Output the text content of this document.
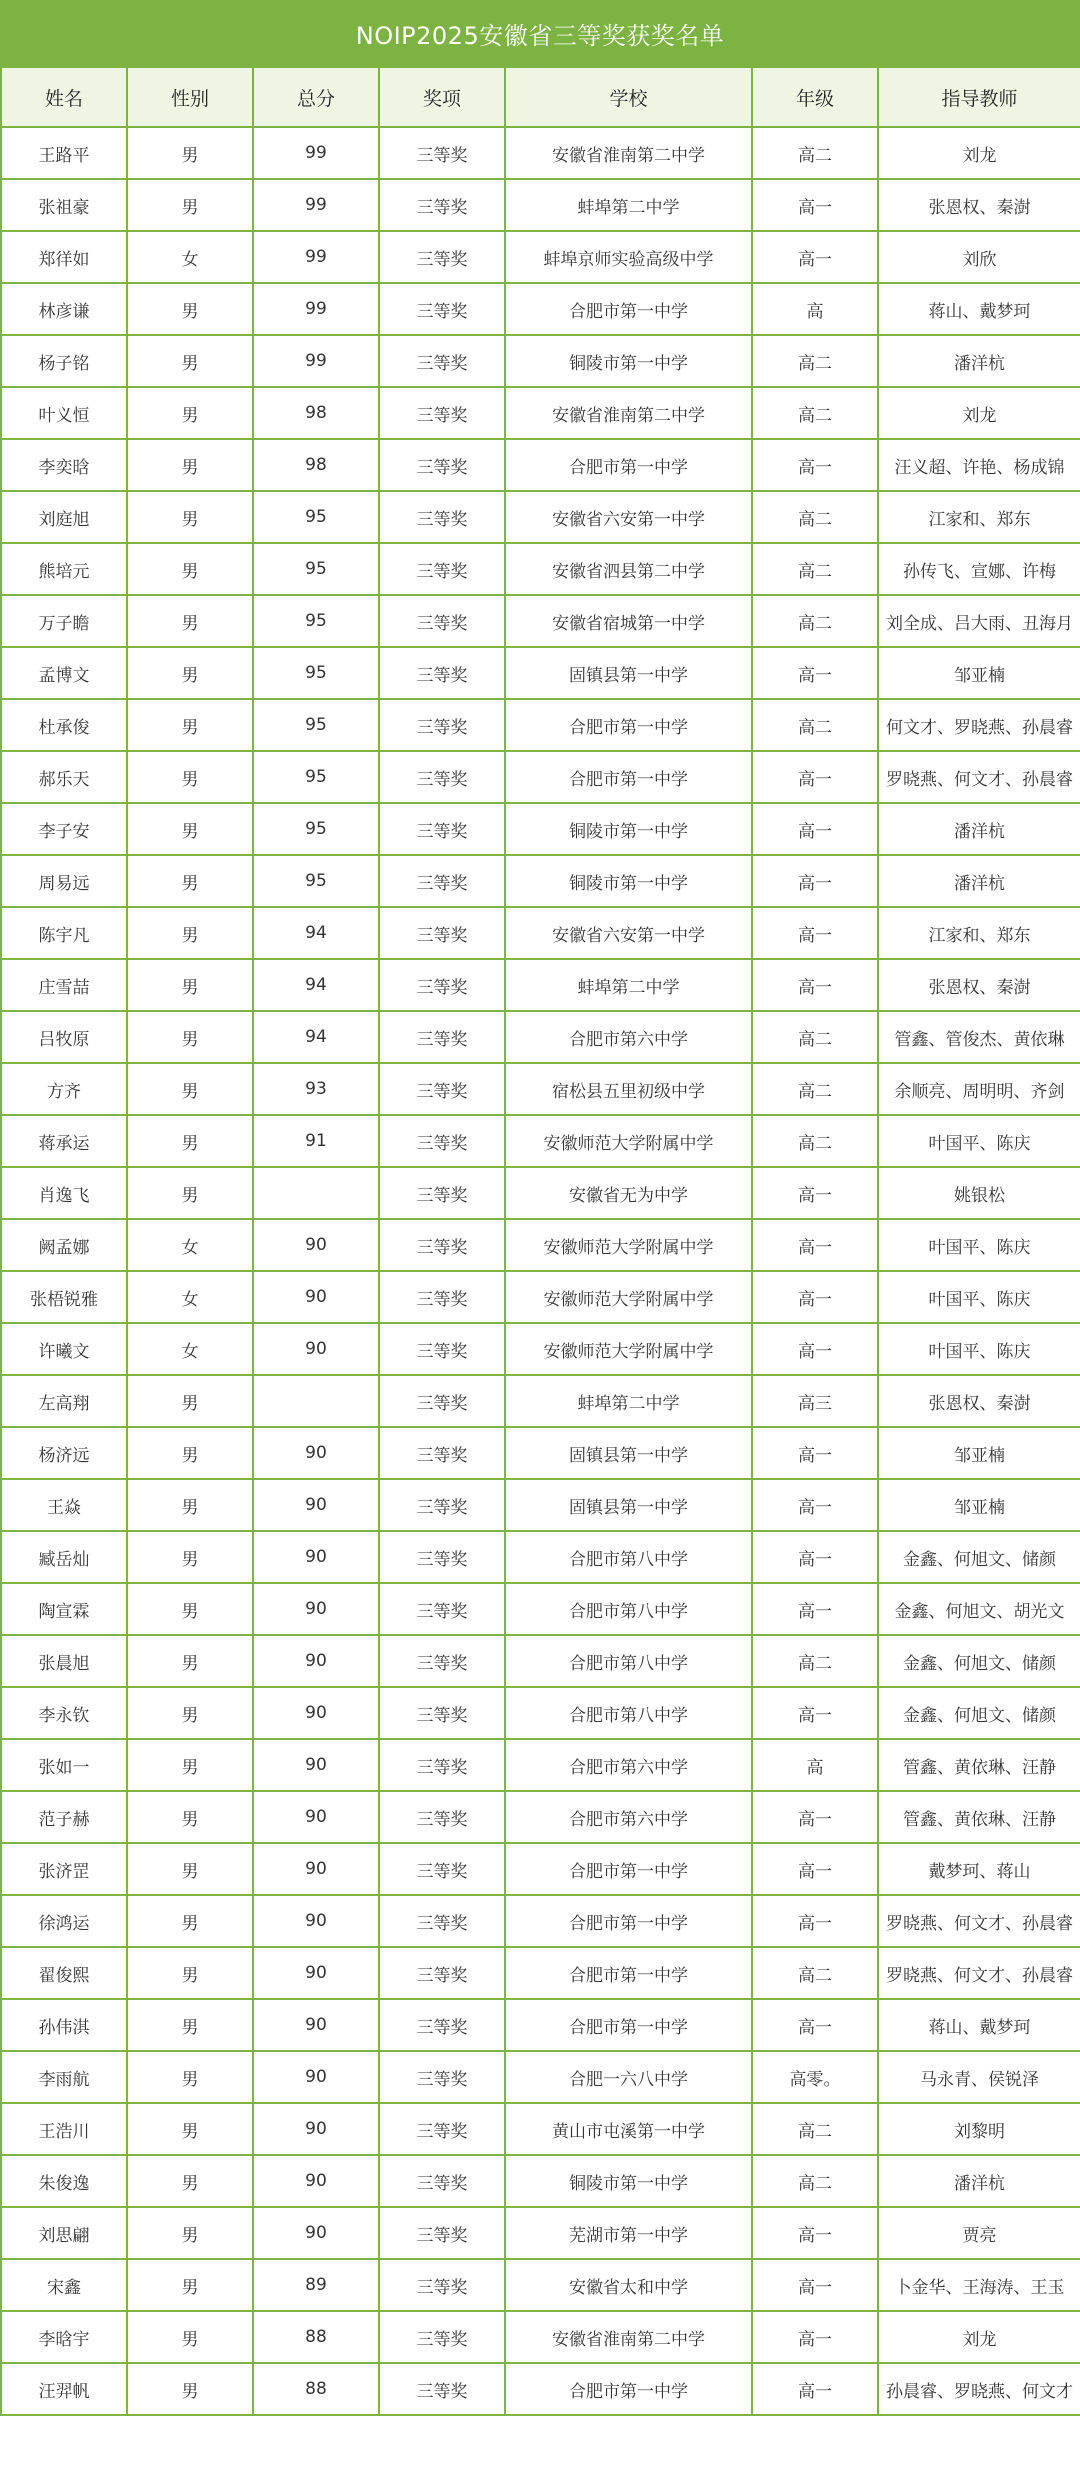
NOIP2025安徽省三等奖获奖名单
姓名	性别	总分	奖项	学校	年级	指导教师
王路平	男	99	三等奖	安徽省淮南第二中学	高二	刘龙
张祖豪	男	99	三等奖	蚌埠第二中学	高一	张恩权、秦澍
郑徉如	女	99	三等奖	蚌埠京师实验高级中学	高一	刘欣
林彦谦	男	99	三等奖	合肥市第一中学	高	蒋山、戴梦珂
杨子铭	男	99	三等奖	铜陵市第一中学	高二	潘洋杭
叶义恒	男	98	三等奖	安徽省淮南第二中学	高二	刘龙
李奕晗	男	98	三等奖	合肥市第一中学	高一	汪义超、许艳、杨成锦
刘庭旭	男	95	三等奖	安徽省六安第一中学	高二	江家和、郑东
熊培元	男	95	三等奖	安徽省泗县第二中学	高二	孙传飞、宣娜、许梅
万子瞻	男	95	三等奖	安徽省宿城第一中学	高二	刘全成、吕大雨、丑海月
孟博文	男	95	三等奖	固镇县第一中学	高一	邹亚楠
杜承俊	男	95	三等奖	合肥市第一中学	高二	何文才、罗晓燕、孙晨睿
郝乐天	男	95	三等奖	合肥市第一中学	高一	罗晓燕、何文才、孙晨睿
李子安	男	95	三等奖	铜陵市第一中学	高一	潘洋杭
周易远	男	95	三等奖	铜陵市第一中学	高一	潘洋杭
陈宇凡	男	94	三等奖	安徽省六安第一中学	高一	江家和、郑东
庄雪喆	男	94	三等奖	蚌埠第二中学	高一	张恩权、秦澍
吕牧原	男	94	三等奖	合肥市第六中学	高二	管鑫、管俊杰、黄依琳
方齐	男	93	三等奖	宿松县五里初级中学	高二	余顺亮、周明明、齐剑
蒋承运	男	91	三等奖	安徽师范大学附属中学	高二	叶国平、陈庆
肖逸飞	男		三等奖	安徽省无为中学	高一	姚银松
阙孟娜	女	90	三等奖	安徽师范大学附属中学	高一	叶国平、陈庆
张梧锐雅	女	90	三等奖	安徽师范大学附属中学	高一	叶国平、陈庆
许曦文	女	90	三等奖	安徽师范大学附属中学	高一	叶国平、陈庆
左高翔	男		三等奖	蚌埠第二中学	高三	张恩权、秦澍
杨济远	男	90	三等奖	固镇县第一中学	高一	邹亚楠
王焱	男	90	三等奖	固镇县第一中学	高一	邹亚楠
臧岳灿	男	90	三等奖	合肥市第八中学	高一	金鑫、何旭文、储颜
陶宣霖	男	90	三等奖	合肥市第八中学	高一	金鑫、何旭文、胡光文
张晨旭	男	90	三等奖	合肥市第八中学	高二	金鑫、何旭文、储颜
李永钦	男	90	三等奖	合肥市第八中学	高一	金鑫、何旭文、储颜
张如一	男	90	三等奖	合肥市第六中学	高	管鑫、黄依琳、汪静
范子赫	男	90	三等奖	合肥市第六中学	高一	管鑫、黄依琳、汪静
张济罡	男	90	三等奖	合肥市第一中学	高一	戴梦珂、蒋山
徐鸿运	男	90	三等奖	合肥市第一中学	高一	罗晓燕、何文才、孙晨睿
翟俊熙	男	90	三等奖	合肥市第一中学	高二	罗晓燕、何文才、孙晨睿
孙伟淇	男	90	三等奖	合肥市第一中学	高一	蒋山、戴梦珂
李雨航	男	90	三等奖	合肥一六八中学	高零。	马永青、侯锐泽
王浩川	男	90	三等奖	黄山市屯溪第一中学	高二	刘黎明
朱俊逸	男	90	三等奖	铜陵市第一中学	高二	潘洋杭
刘思翩	男	90	三等奖	芜湖市第一中学	高一	贾亮
宋鑫	男	89	三等奖	安徽省太和中学	高一	卜金华、王海涛、王玉
李晗宇	男	88	三等奖	安徽省淮南第二中学	高一	刘龙
汪羿帆	男	88	三等奖	合肥市第一中学	高一	孙晨睿、罗晓燕、何文才
